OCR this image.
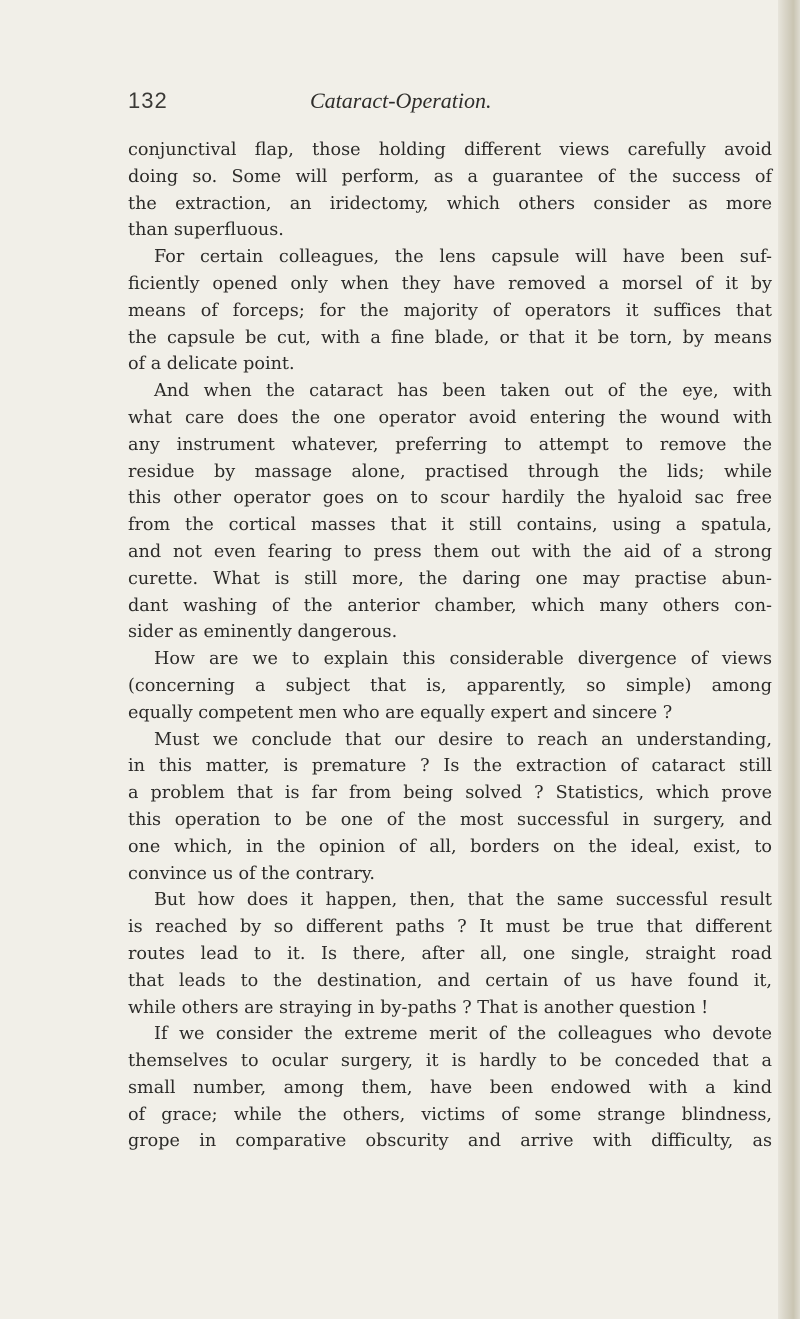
132	Cataract-Operation.
conjunctival flap, those holding different views carefully avoid
doing so. Some will perform, as a guarantee of the success of
the extraction, an iridectomy, which others consider as more
than superfluous.
For certain colleagues, the lens capsule will have been suf-
ficiently opened only when they have removed a morsel of it by
means of forceps; for the majority of operators it suffices that
the capsule be cut, with a fine blade, or that it be torn, by means
of a delicate point.
And when the cataract has been taken out of the eye, with
what care does the one operator avoid entering the wound with
any instrument whatever, preferring to attempt to remove the
residue by massage alone, practised through the lids; while
this other operator goes on to scour hardily the hyaloid sac free
from the cortical masses that it still contains, using a spatula,
and not even fearing to press them out with the aid of a strong
curette. What is still more, the daring one may practise abun-
dant washing of the anterior chamber, which many others con-
sider as eminently dangerous.
How are we to explain this considerable divergence of views
(concerning a subject that is, apparently, so simple) among
equally competent men who are equally expert and sincere ?
Must we conclude that our desire to reach an understanding,
in this matter, is premature ? Is the extraction of cataract still
a problem that is far from being solved ? Statistics, which prove
this operation to be one of the most successful in surgery, and
one which, in the opinion of all, borders on the ideal, exist, to
convince us of the contrary.
But how does it happen, then, that the same successful result
is reached by so different paths ? It must be true that different
routes lead to it. Is there, after all, one single, straight road
that leads to the destination, and certain of us have found it,
while others are straying in by-paths ? That is another question !
If we consider the extreme merit of the colleagues who devote
themselves to ocular surgery, it is hardly to be conceded that a
small number, among them, have been endowed with a kind
of grace; while the others, victims of some strange blindness,
grope in comparative obscurity and arrive with difficulty, as
